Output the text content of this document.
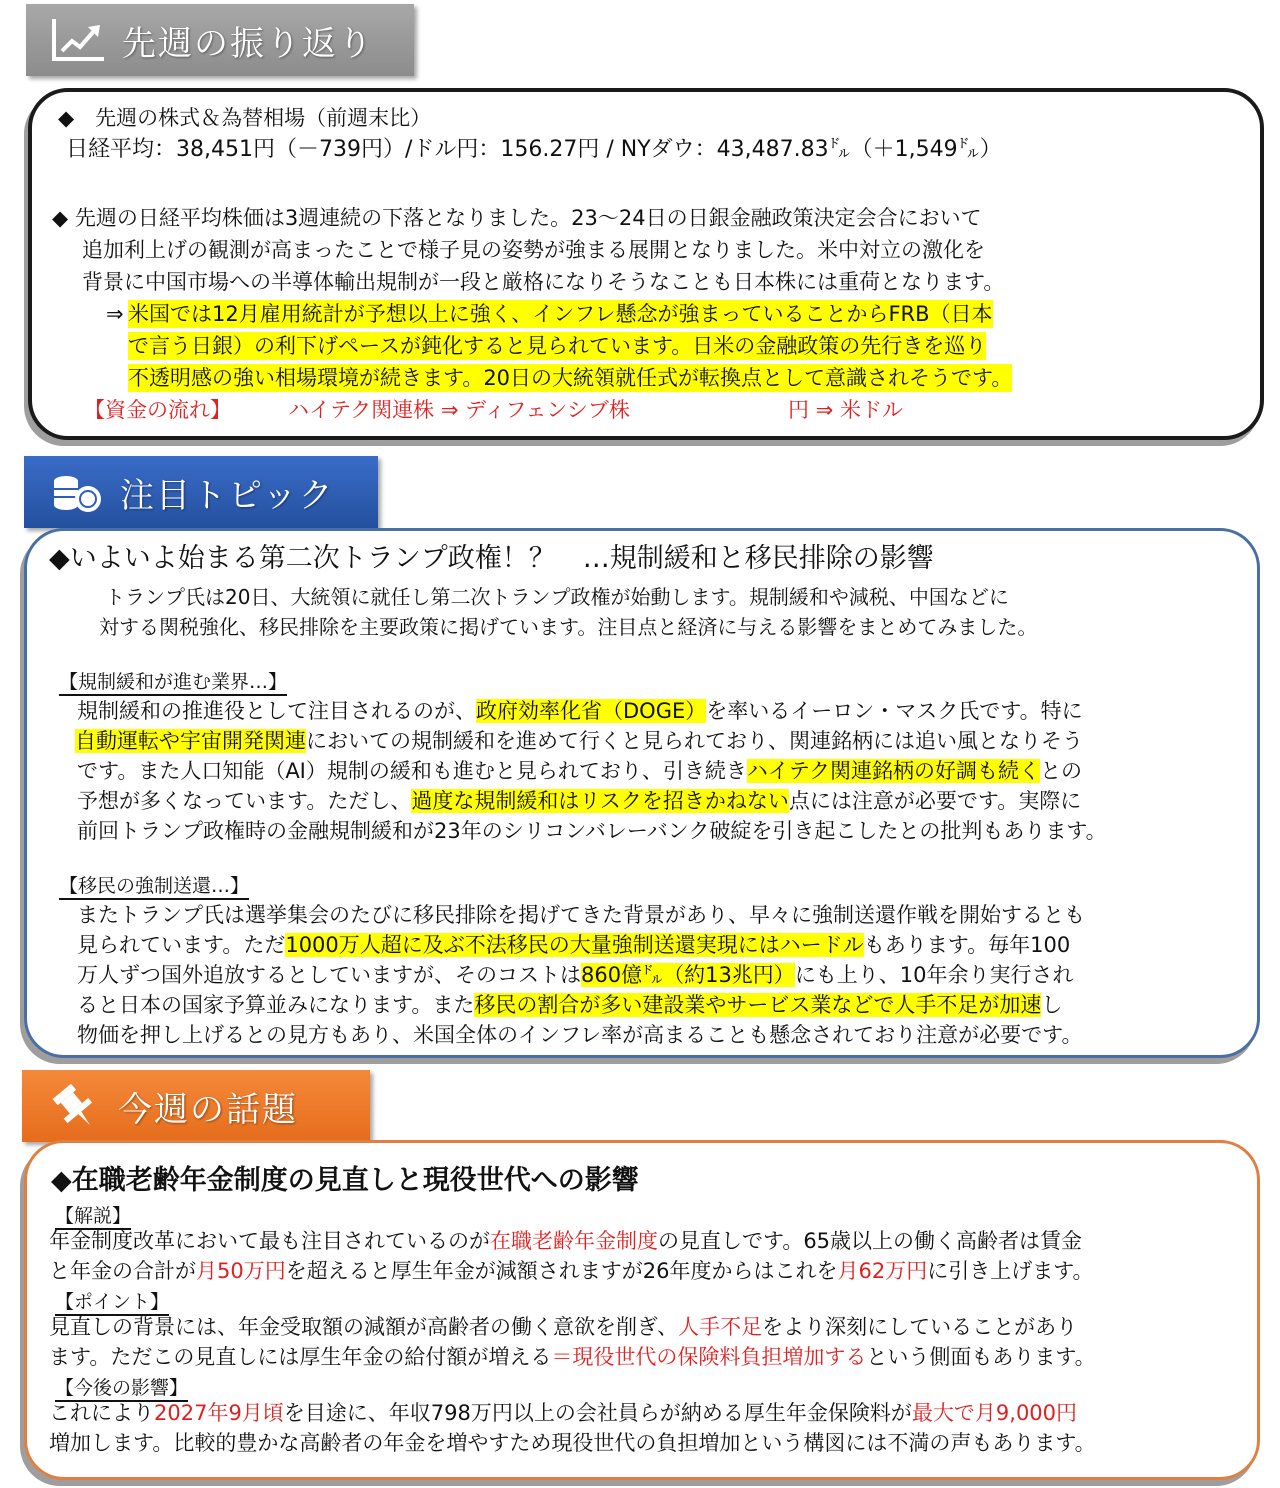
先週の振り返り
◆　先週の株式＆為替相場（前週末比）
日経平均：38,451円（－739円）/ドル円：156.27円 / NYダウ：43,487.83㌦（＋1,549㌦）
◆ 先週の日経平均株価は3週連続の下落となりました。23～24日の日銀金融政策決定会合において
追加利上げの観測が高まったことで様子見の姿勢が強まる展開となりました。米中対立の激化を
背景に中国市場への半導体輸出規制が一段と厳格になりそうなことも日本株には重荷となります。
⇒ 米国では12月雇用統計が予想以上に強く、インフレ懸念が強まっていることからFRB（日本
で言う日銀）の利下げペースが鈍化すると見られています。日米の金融政策の先行きを巡り
不透明感の強い相場環境が続きます。20日の大統領就任式が転換点として意識されそうです。
【資金の流れ】	ハイテク関連株 ⇒ ディフェンシブ株	円 ⇒ 米ドル
注目トピック
◆いよいよ始まる第二次トランプ政権！？　…規制緩和と移民排除の影響
トランプ氏は20日、大統領に就任し第二次トランプ政権が始動します。規制緩和や減税、中国などに
対する関税強化、移民排除を主要政策に掲げています。注目点と経済に与える影響をまとめてみました。
【規制緩和が進む業界…】
規制緩和の推進役として注目されるのが、政府効率化省（DOGE）を率いるイーロン・マスク氏です。特に
自動運転や宇宙開発関連においての規制緩和を進めて行くと見られており、関連銘柄には追い風となりそう
です。また人口知能（AI）規制の緩和も進むと見られており、引き続きハイテク関連銘柄の好調も続くとの
予想が多くなっています。ただし、過度な規制緩和はリスクを招きかねない点には注意が必要です。実際に
前回トランプ政権時の金融規制緩和が23年のシリコンバレーバンク破綻を引き起こしたとの批判もあります。
【移民の強制送還…】
またトランプ氏は選挙集会のたびに移民排除を掲げてきた背景があり、早々に強制送還作戦を開始するとも
見られています。ただ1000万人超に及ぶ不法移民の大量強制送還実現にはハードルもあります。毎年100
万人ずつ国外追放するとしていますが、そのコストは860億㌦（約13兆円）にも上り、10年余り実行され
ると日本の国家予算並みになります。また移民の割合が多い建設業やサービス業などで人手不足が加速し
物価を押し上げるとの見方もあり、米国全体のインフレ率が高まることも懸念されており注意が必要です。
今週の話題
◆在職老齢年金制度の見直しと現役世代への影響
【解説】
年金制度改革において最も注目されているのが在職老齢年金制度の見直しです。65歳以上の働く高齢者は賃金
と年金の合計が月50万円を超えると厚生年金が減額されますが26年度からはこれを月62万円に引き上げます。
【ポイント】
見直しの背景には、年金受取額の減額が高齢者の働く意欲を削ぎ、人手不足をより深刻にしていることがあり
ます。ただこの見直しには厚生年金の給付額が増える＝現役世代の保険料負担増加するという側面もあります。
【今後の影響】
これにより2027年9月頃を目途に、年収798万円以上の会社員らが納める厚生年金保険料が最大で月9,000円
増加します。比較的豊かな高齢者の年金を増やすため現役世代の負担増加という構図には不満の声もあります。
